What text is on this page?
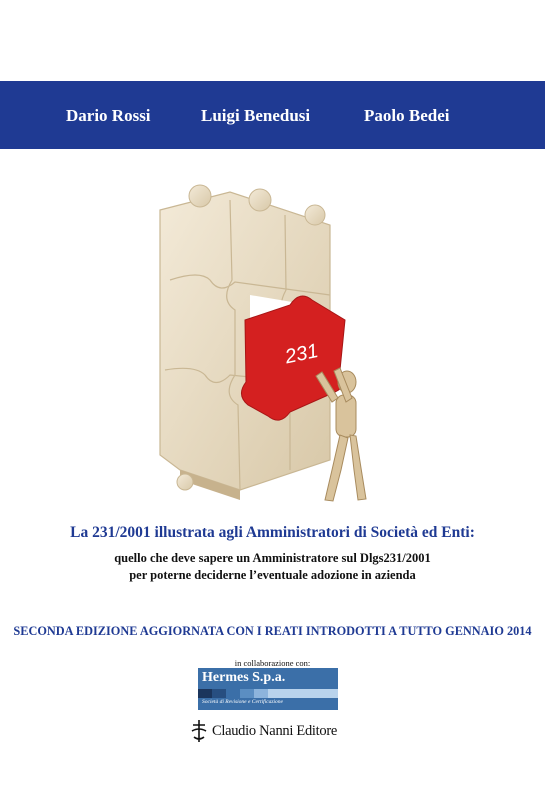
Dario Rossi	Luigi Benedusi	Paolo Bedei
231
La 231/2001 illustrata agli Amministratori di Società ed Enti:
quello che deve sapere un Amministratore sul Dlgs231/2001
per poterne deciderne l’eventuale adozione in azienda
SECONDA EDIZIONE AGGIORNATA CON I REATI INTRODOTTI A TUTTO GENNAIO 2014
in collaborazione con:
Hermes S.p.a.
Società di Revisione e Certificazione
Claudio Nanni Editore
